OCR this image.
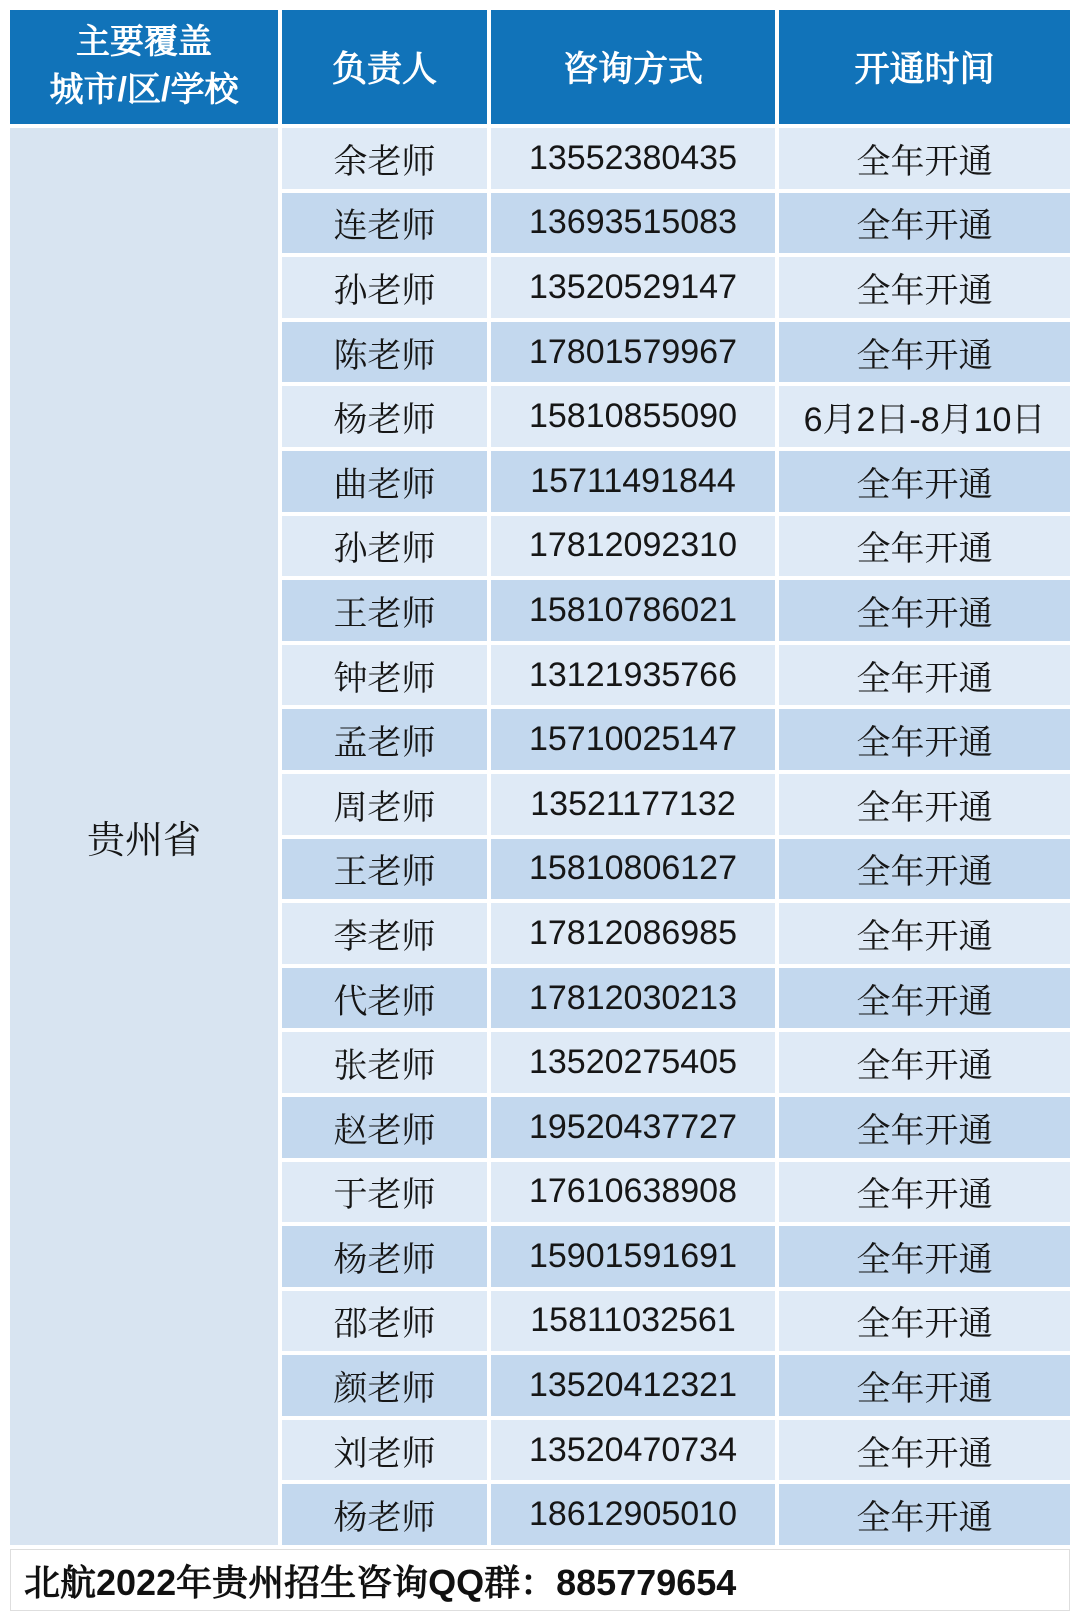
主要覆盖
城市/区/学校
负责人	咨询方式	开通时间
贵州省
余老师	13552380435	全年开通
连老师	13693515083	全年开通
孙老师	13520529147	全年开通
陈老师	17801579967	全年开通
杨老师	15810855090	6月2日-8月10日
曲老师	15711491844	全年开通
孙老师	17812092310	全年开通
王老师	15810786021	全年开通
钟老师	13121935766	全年开通
孟老师	15710025147	全年开通
周老师	13521177132	全年开通
王老师	15810806127	全年开通
李老师	17812086985	全年开通
代老师	17812030213	全年开通
张老师	13520275405	全年开通
赵老师	19520437727	全年开通
于老师	17610638908	全年开通
杨老师	15901591691	全年开通
邵老师	15811032561	全年开通
颜老师	13520412321	全年开通
刘老师	13520470734	全年开通
杨老师	18612905010	全年开通
北航2022年贵州招生咨询QQ群：885779654
